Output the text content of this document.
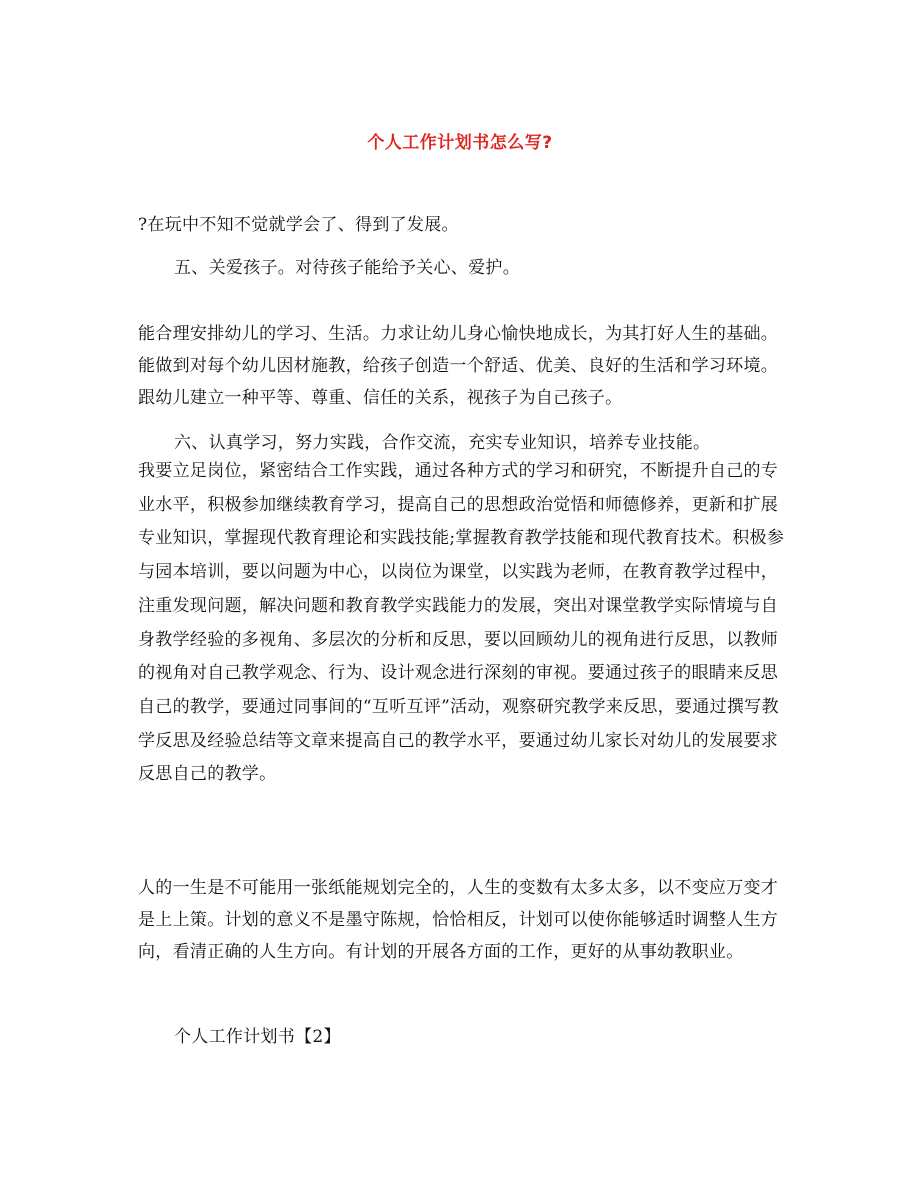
个人工作计划书怎么写?

?在玩中不知不觉就学会了、得到了发展。

五、关爱孩子。对待孩子能给予关心、爱护。

能合理安排幼儿的学习、生活。力求让幼儿身心愉快地成长，为其打好人生的基础。能做到对每个幼儿因材施教，给孩子创造一个舒适、优美、良好的生活和学习环境。跟幼儿建立一种平等、尊重、信任的关系，视孩子为自己孩子。

六、认真学习，努力实践，合作交流，充实专业知识，培养专业技能。

我要立足岗位，紧密结合工作实践，通过各种方式的学习和研究，不断提升自己的专业水平，积极参加继续教育学习，提高自己的思想政治觉悟和师德修养，更新和扩展专业知识，掌握现代教育理论和实践技能;掌握教育教学技能和现代教育技术。积极参与园本培训，要以问题为中心，以岗位为课堂，以实践为老师，在教育教学过程中，注重发现问题，解决问题和教育教学实践能力的发展，突出对课堂教学实际情境与自身教学经验的多视角、多层次的分析和反思，要以回顾幼儿的视角进行反思，以教师的视角对自己教学观念、行为、设计观念进行深刻的审视。要通过孩子的眼睛来反思自己的教学，要通过同事间的“互听互评”活动，观察研究教学来反思，要通过撰写教学反思及经验总结等文章来提高自己的教学水平，要通过幼儿家长对幼儿的发展要求反思自己的教学。

人的一生是不可能用一张纸能规划完全的，人生的变数有太多太多，以不变应万变才是上上策。计划的意义不是墨守陈规，恰恰相反，计划可以使你能够适时调整人生方向，看清正确的人生方向。有计划的开展各方面的工作，更好的从事幼教职业。

个人工作计划书【2】
